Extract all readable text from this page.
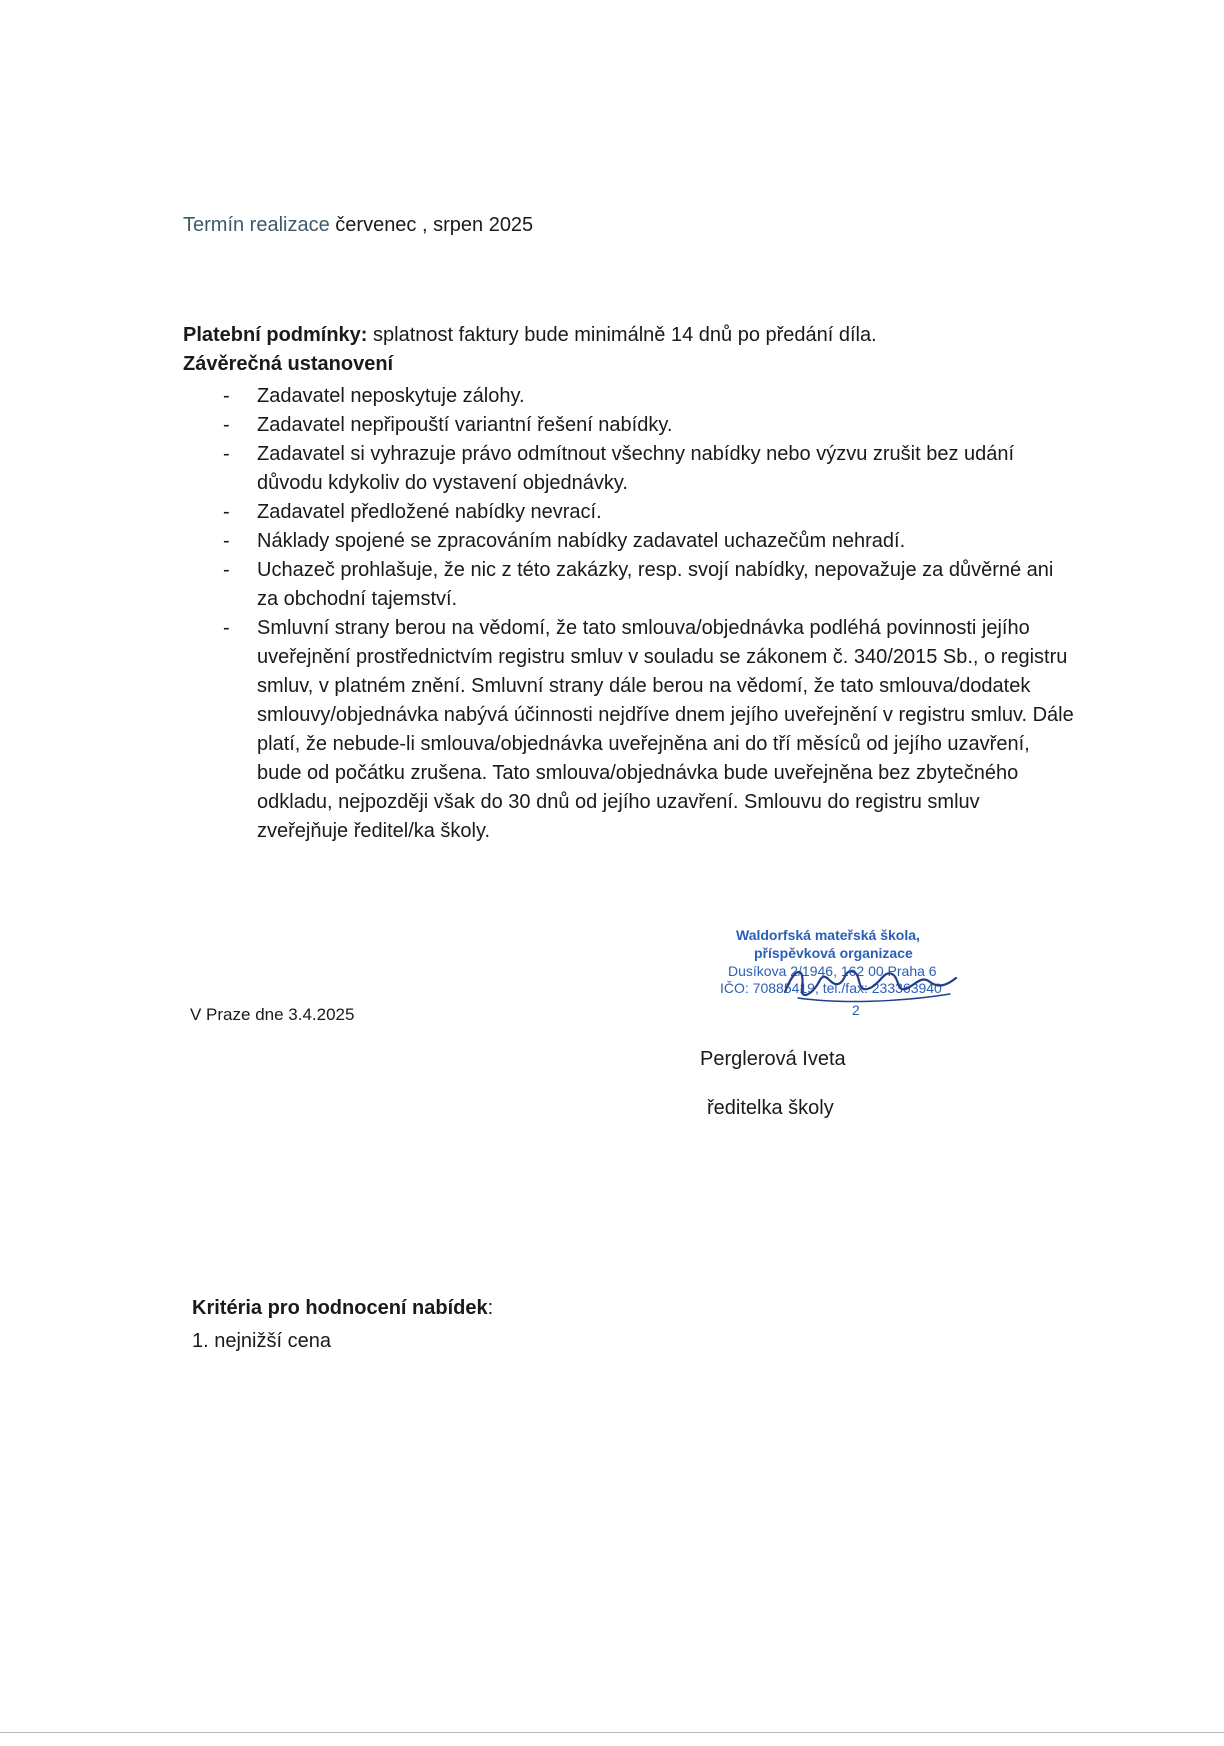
Termín realizace červenec , srpen 2025
Platební podmínky: splatnost faktury bude minimálně 14 dnů po předání díla.
Závěrečná ustanovení
- Zadavatel neposkytuje zálohy.
- Zadavatel nepřipouští variantní řešení nabídky.
- Zadavatel si vyhrazuje právo odmítnout všechny nabídky nebo výzvu zrušit bez udání důvodu kdykoliv do vystavení objednávky.
- Zadavatel předložené nabídky nevrací.
- Náklady spojené se zpracováním nabídky zadavatel uchazečům nehradí.
- Uchazeč prohlašuje, že nic z této zakázky, resp. svojí nabídky, nepovažuje za důvěrné ani za obchodní tajemství.
- Smluvní strany berou na vědomí, že tato smlouva/objednávka podléhá povinnosti jejího uveřejnění prostřednictvím registru smluv v souladu se zákonem č. 340/2015 Sb., o registru smluv, v platném znění. Smluvní strany dále berou na vědomí, že tato smlouva/dodatek smlouvy/objednávka nabývá účinnosti nejdříve dnem jejího uveřejnění v registru smluv. Dále platí, že nebude-li smlouva/objednávka uveřejněna ani do tří měsíců od jejího uzavření, bude od počátku zrušena. Tato smlouva/objednávka bude uveřejněna bez zbytečného odkladu, nejpozději však do 30 dnů od jejího uzavření. Smlouvu do registru smluv zveřejňuje ředitel/ka školy.
V Praze dne 3.4.2025
Waldorfská mateřská škola,
příspěvková organizace
Dusíkova 2/1946, 162 00 Praha 6
IČO: 70885419, tel./fax: 233363940
2
Perglerová Iveta
ředitelka školy
Kritéria pro hodnocení nabídek:
1. nejnižší cena
